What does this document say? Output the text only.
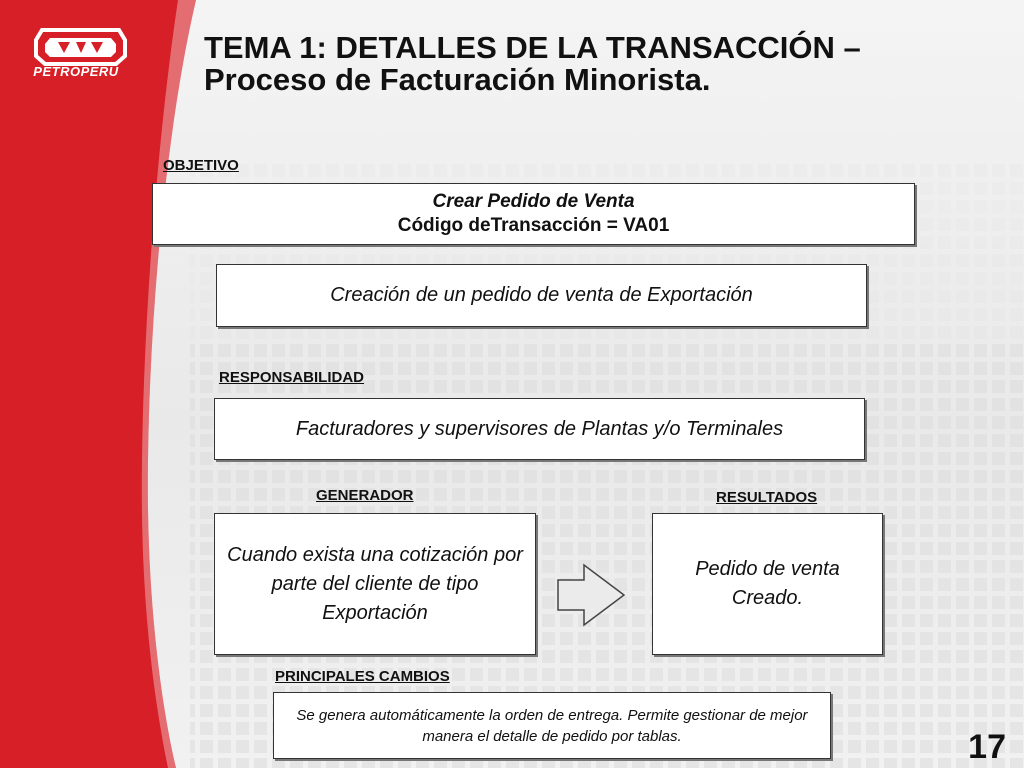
PETROPERU
TEMA 1: DETALLES DE LA TRANSACCIÓN – Proceso de Facturación Minorista.
OBJETIVO
Crear Pedido de Venta
Código deTransacción = VA01
Creación de un pedido de venta de Exportación
RESPONSABILIDAD
Facturadores y supervisores de Plantas y/o Terminales
GENERADOR
Cuando exista una cotización por parte del cliente de tipo Exportación
RESULTADOS
Pedido de venta Creado.
PRINCIPALES CAMBIOS
Se genera automáticamente la orden de entrega. Permite gestionar de mejor manera el detalle de pedido por tablas.	17
